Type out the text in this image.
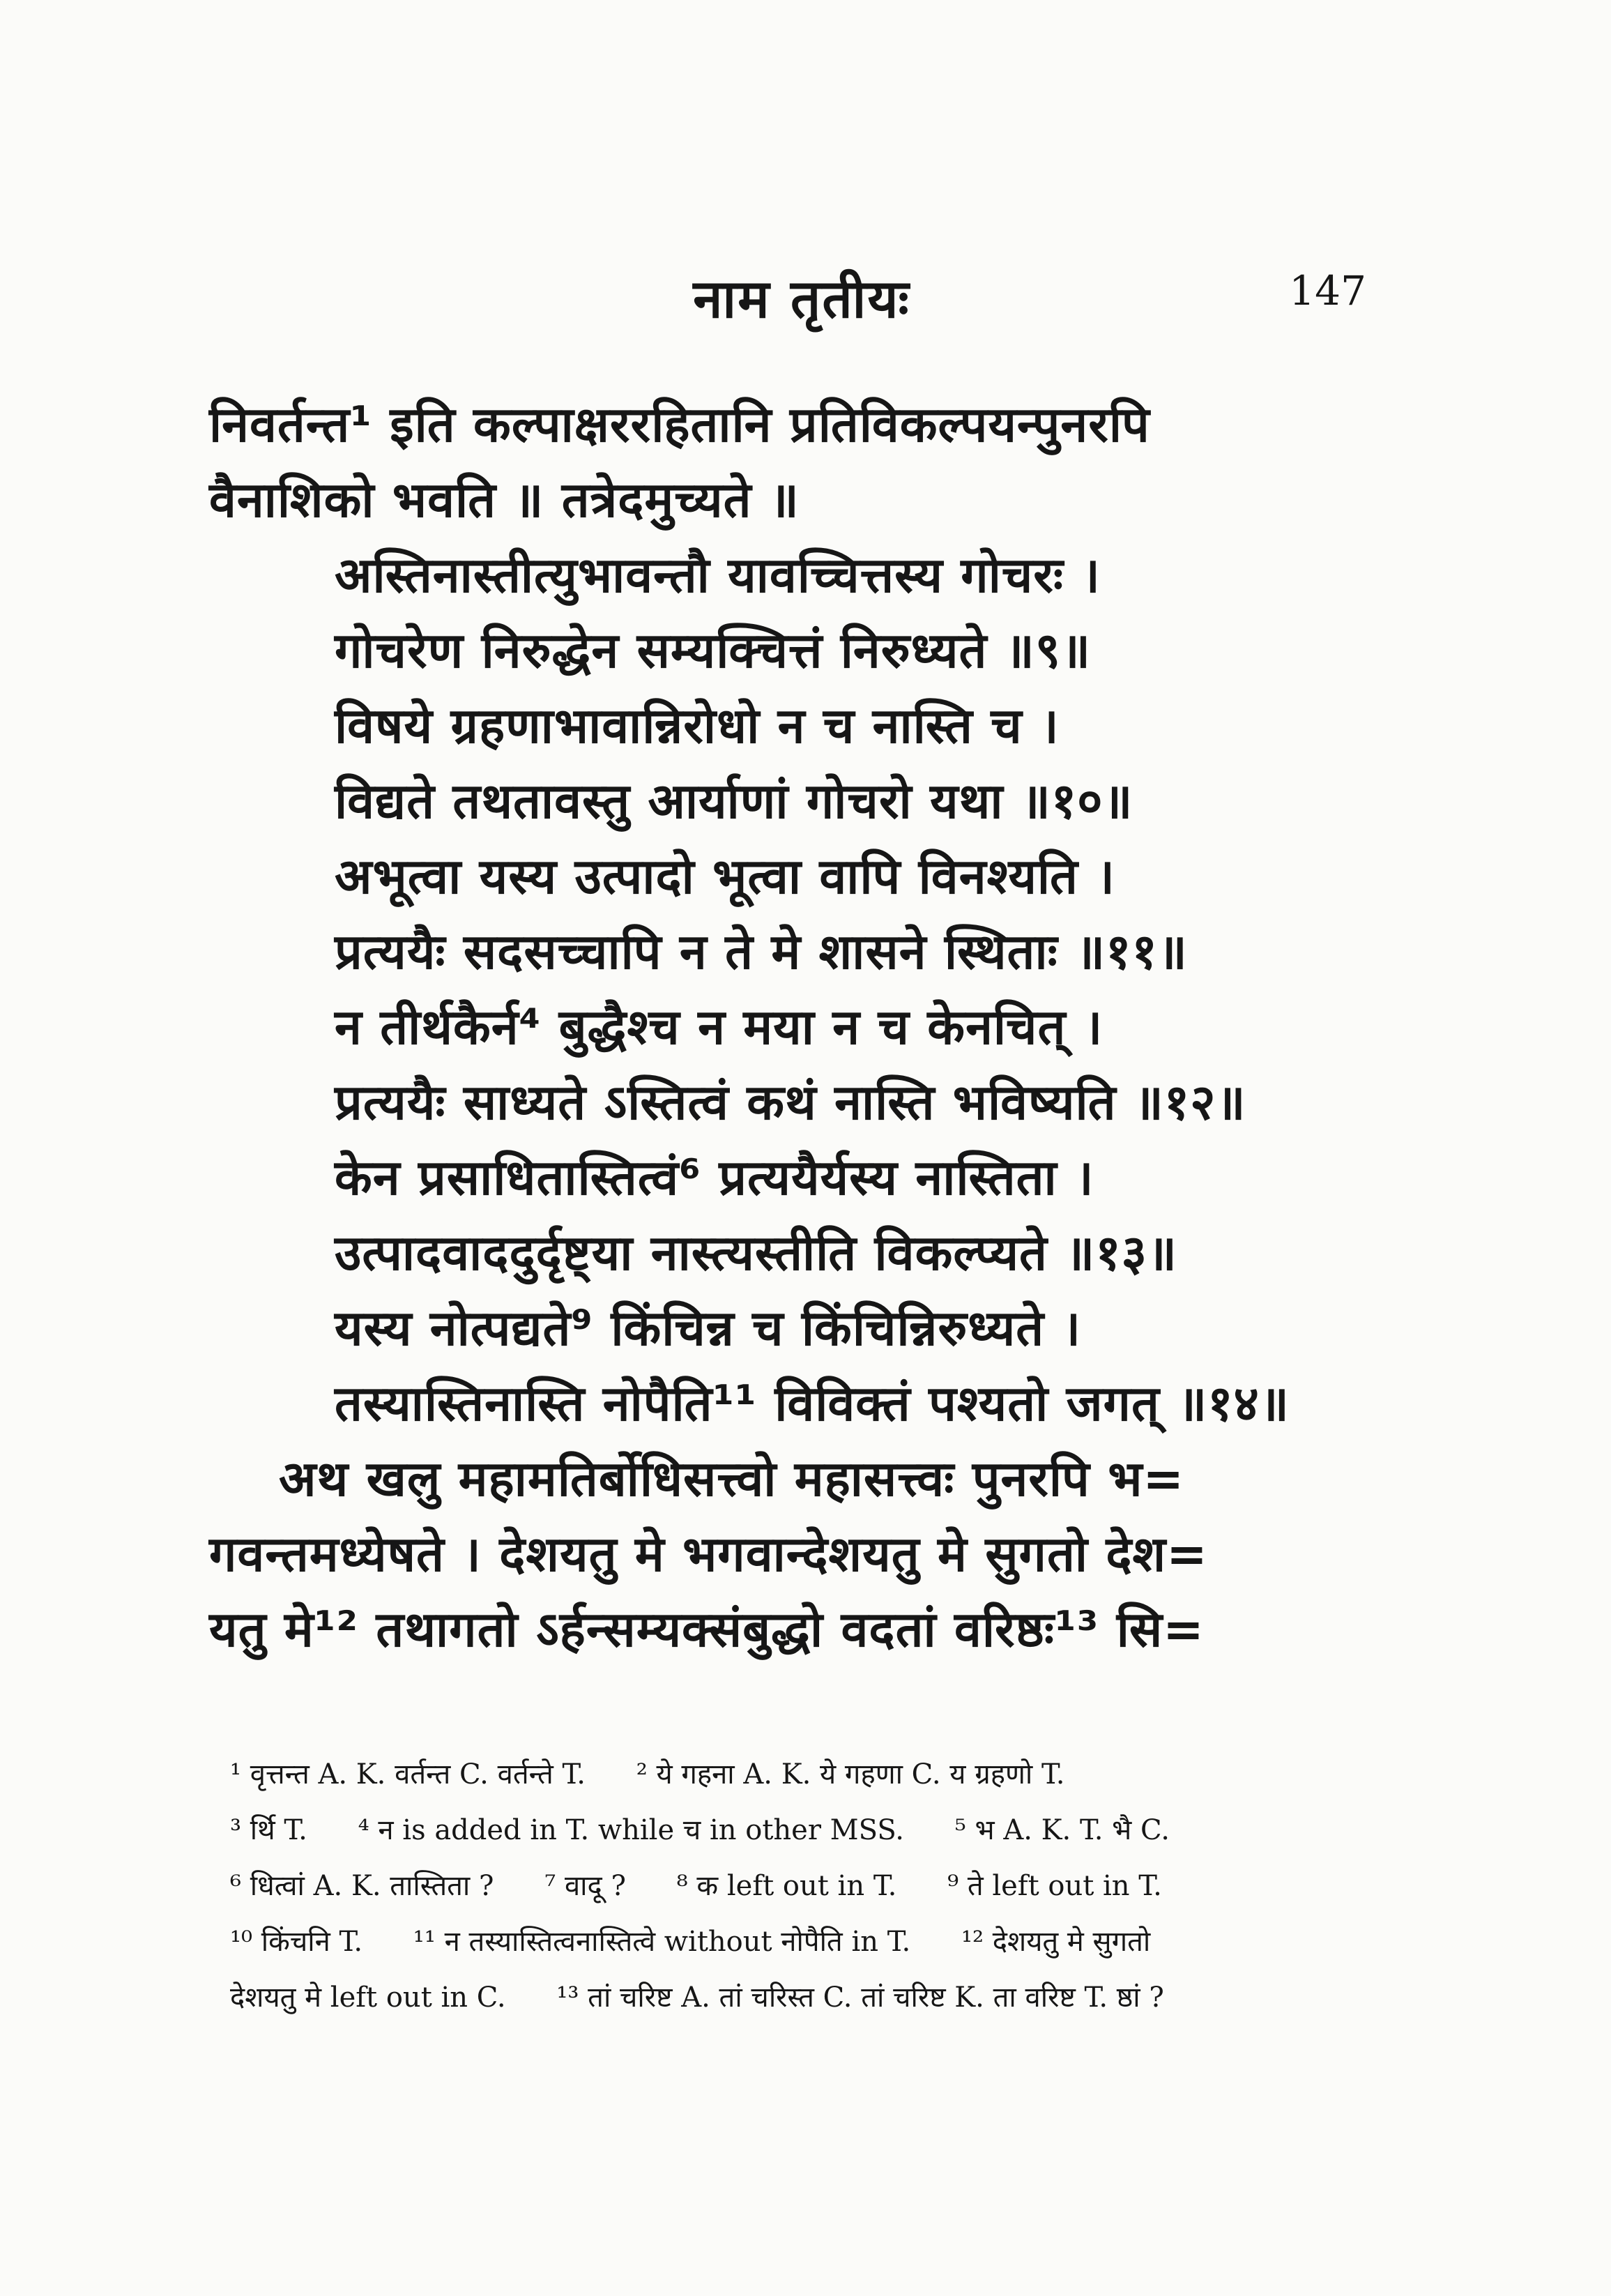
नाम तृतीयः	147
निवर्तन्त¹ इति कल्पाक्षररहितानि प्रतिविकल्पयन्पुनरपि
वैनाशिको भवति ॥ तत्रेदमुच्यते ॥
अस्तिनास्तीत्युभावन्तौ यावच्चित्तस्य गोचरः ।
गोचरेण निरुद्धेन सम्यक्चित्तं निरुध्यते ॥९॥
विषये ग्रहणाभावान्निरोधो न च नास्ति च ।
विद्यते तथतावस्तु आर्याणां गोचरो यथा ॥१०॥
अभूत्वा यस्य उत्पादो भूत्वा वापि विनश्यति ।
प्रत्ययैः सदसच्चापि न ते मे शासने स्थिताः ॥११॥
न तीर्थकैर्न⁴ बुद्धैश्च न मया न च केनचित् ।
प्रत्ययैः साध्यते ऽस्तित्वं कथं नास्ति भविष्यति ॥१२॥
केन प्रसाधितास्तित्वं⁶ प्रत्ययैर्यस्य नास्तिता ।
उत्पादवाददुर्दृष्ट्या नास्त्यस्तीति विकल्प्यते ॥१३॥
यस्य नोत्पद्यते⁹ किंचिन्न च किंचिन्निरुध्यते ।
तस्यास्तिनास्ति नोपैति¹¹ विविक्तं पश्यतो जगत् ॥१४॥
अथ खलु महामतिर्बोधिसत्त्वो महासत्त्वः पुनरपि भ=
गवन्तमध्येषते । देशयतु मे भगवान्देशयतु मे सुगतो देश=
यतु मे¹² तथागतो ऽर्हन्सम्यक्संबुद्धो वदतां वरिष्ठः¹³ सि=
¹ वृत्तन्त A. K. वर्तन्त C. वर्तन्ते T. ² ये गहना A. K. ये गहणा C. य ग्रहणो T.
³ र्थि T. ⁴ न is added in T. while च in other MSS. ⁵ भ A. K. T. भै C.
⁶ धित्वां A. K. तास्तिता ? ⁷ वादू ? ⁸ क left out in T. ⁹ ते left out in T.
¹⁰ किंचनि T. ¹¹ न तस्यास्तित्वनास्तित्वे without नोपैति in T. ¹² देशयतु मे सुगतो
देशयतु मे left out in C. ¹³ तां चरिष्ट A. तां चरिस्त C. तां चरिष्ट K. ता वरिष्ट T. ष्ठां ?
